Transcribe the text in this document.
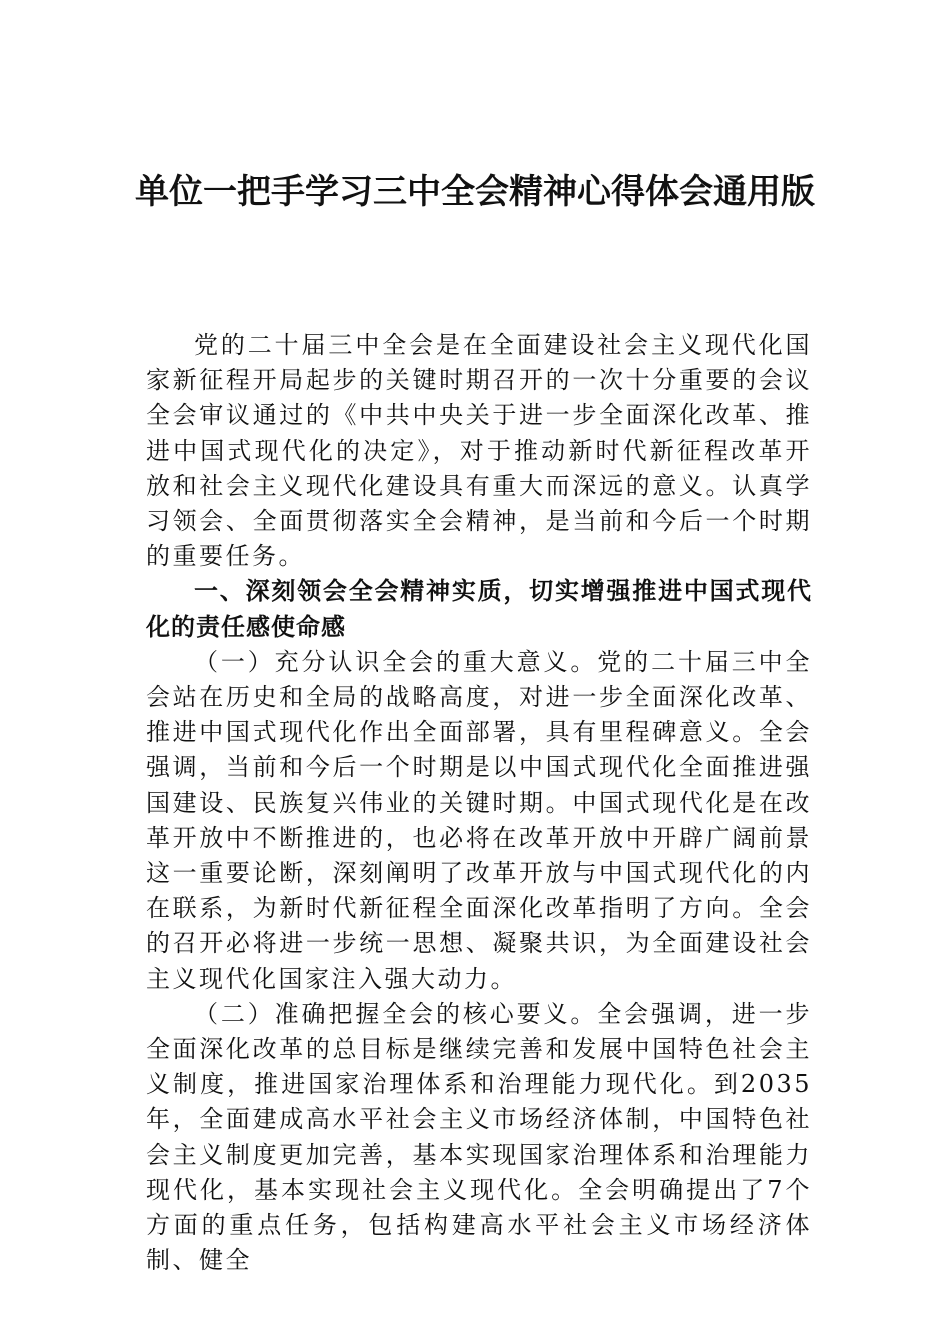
单位一把手学习三中全会精神心得体会通用版

党的二十届三中全会是在全面建设社会主义现代化国家新征程开局起步的关键时期召开的一次十分重要的会议全会审议通过的《中共中央关于进一步全面深化改革、推进中国式现代化的决定》，对于推动新时代新征程改革开放和社会主义现代化建设具有重大而深远的意义。认真学习领会、全面贯彻落实全会精神，是当前和今后一个时期的重要任务。

一、深刻领会全会精神实质，切实增强推进中国式现代化的责任感使命感

（一）充分认识全会的重大意义。党的二十届三中全会站在历史和全局的战略高度，对进一步全面深化改革、推进中国式现代化作出全面部署，具有里程碑意义。全会强调，当前和今后一个时期是以中国式现代化全面推进强国建设、民族复兴伟业的关键时期。中国式现代化是在改革开放中不断推进的，也必将在改革开放中开辟广阔前景这一重要论断，深刻阐明了改革开放与中国式现代化的内在联系，为新时代新征程全面深化改革指明了方向。全会的召开必将进一步统一思想、凝聚共识，为全面建设社会主义现代化国家注入强大动力。

（二）准确把握全会的核心要义。全会强调，进一步全面深化改革的总目标是继续完善和发展中国特色社会主义制度，推进国家治理体系和治理能力现代化。到2035年，全面建成高水平社会主义市场经济体制，中国特色社会主义制度更加完善，基本实现国家治理体系和治理能力现代化，基本实现社会主义现代化。全会明确提出了7个方面的重点任务，包括构建高水平社会主义市场经济体制、健全
